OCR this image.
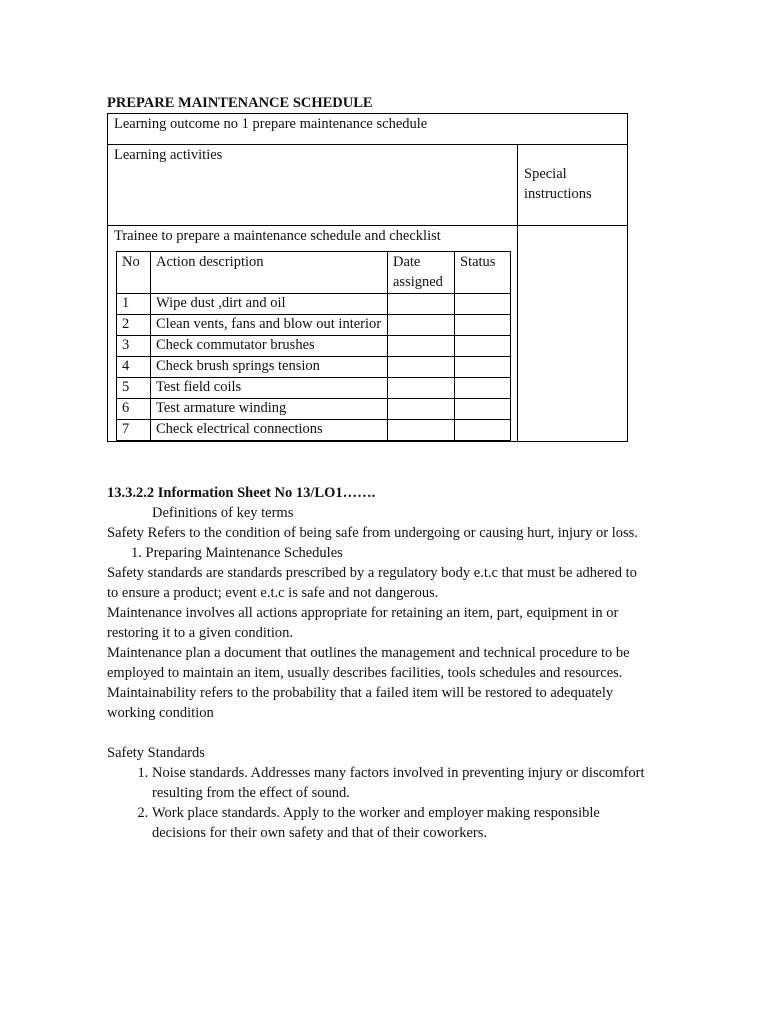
PREPARE MAINTENANCE SCHEDULE
Learning outcome no 1 prepare maintenance schedule
Learning activities	Special instructions

Trainee to prepare a maintenance schedule and checklist
No	Action description	Date assigned	Status
1	Wipe dust ,dirt and oil		
2	Clean vents, fans and blow out interior		
3	Check commutator brushes		
4	Check brush springs tension		
5	Test field coils		
6	Test armature winding		
7	Check electrical connections		

13.3.2.2 Information Sheet No 13/LO1…….

Definitions of key terms

Safety Refers to the condition of being safe from undergoing or causing hurt, injury or loss.

1. Preparing Maintenance Schedules

Safety standards are standards prescribed by a regulatory body e.t.c that must be adhered to to ensure a product; event e.t.c is safe and not dangerous.

Maintenance involves all actions appropriate for retaining an item, part, equipment in or restoring it to a given condition.

Maintenance plan a document that outlines the management and technical procedure to be employed to maintain an item, usually describes facilities, tools schedules and resources.

Maintainability refers to the probability that a failed item will be restored to adequately working condition

Safety Standards

1. Noise standards. Addresses many factors involved in preventing injury or discomfort resulting from the effect of sound.
2. Work place standards. Apply to the worker and employer making responsible decisions for their own safety and that of their coworkers.
